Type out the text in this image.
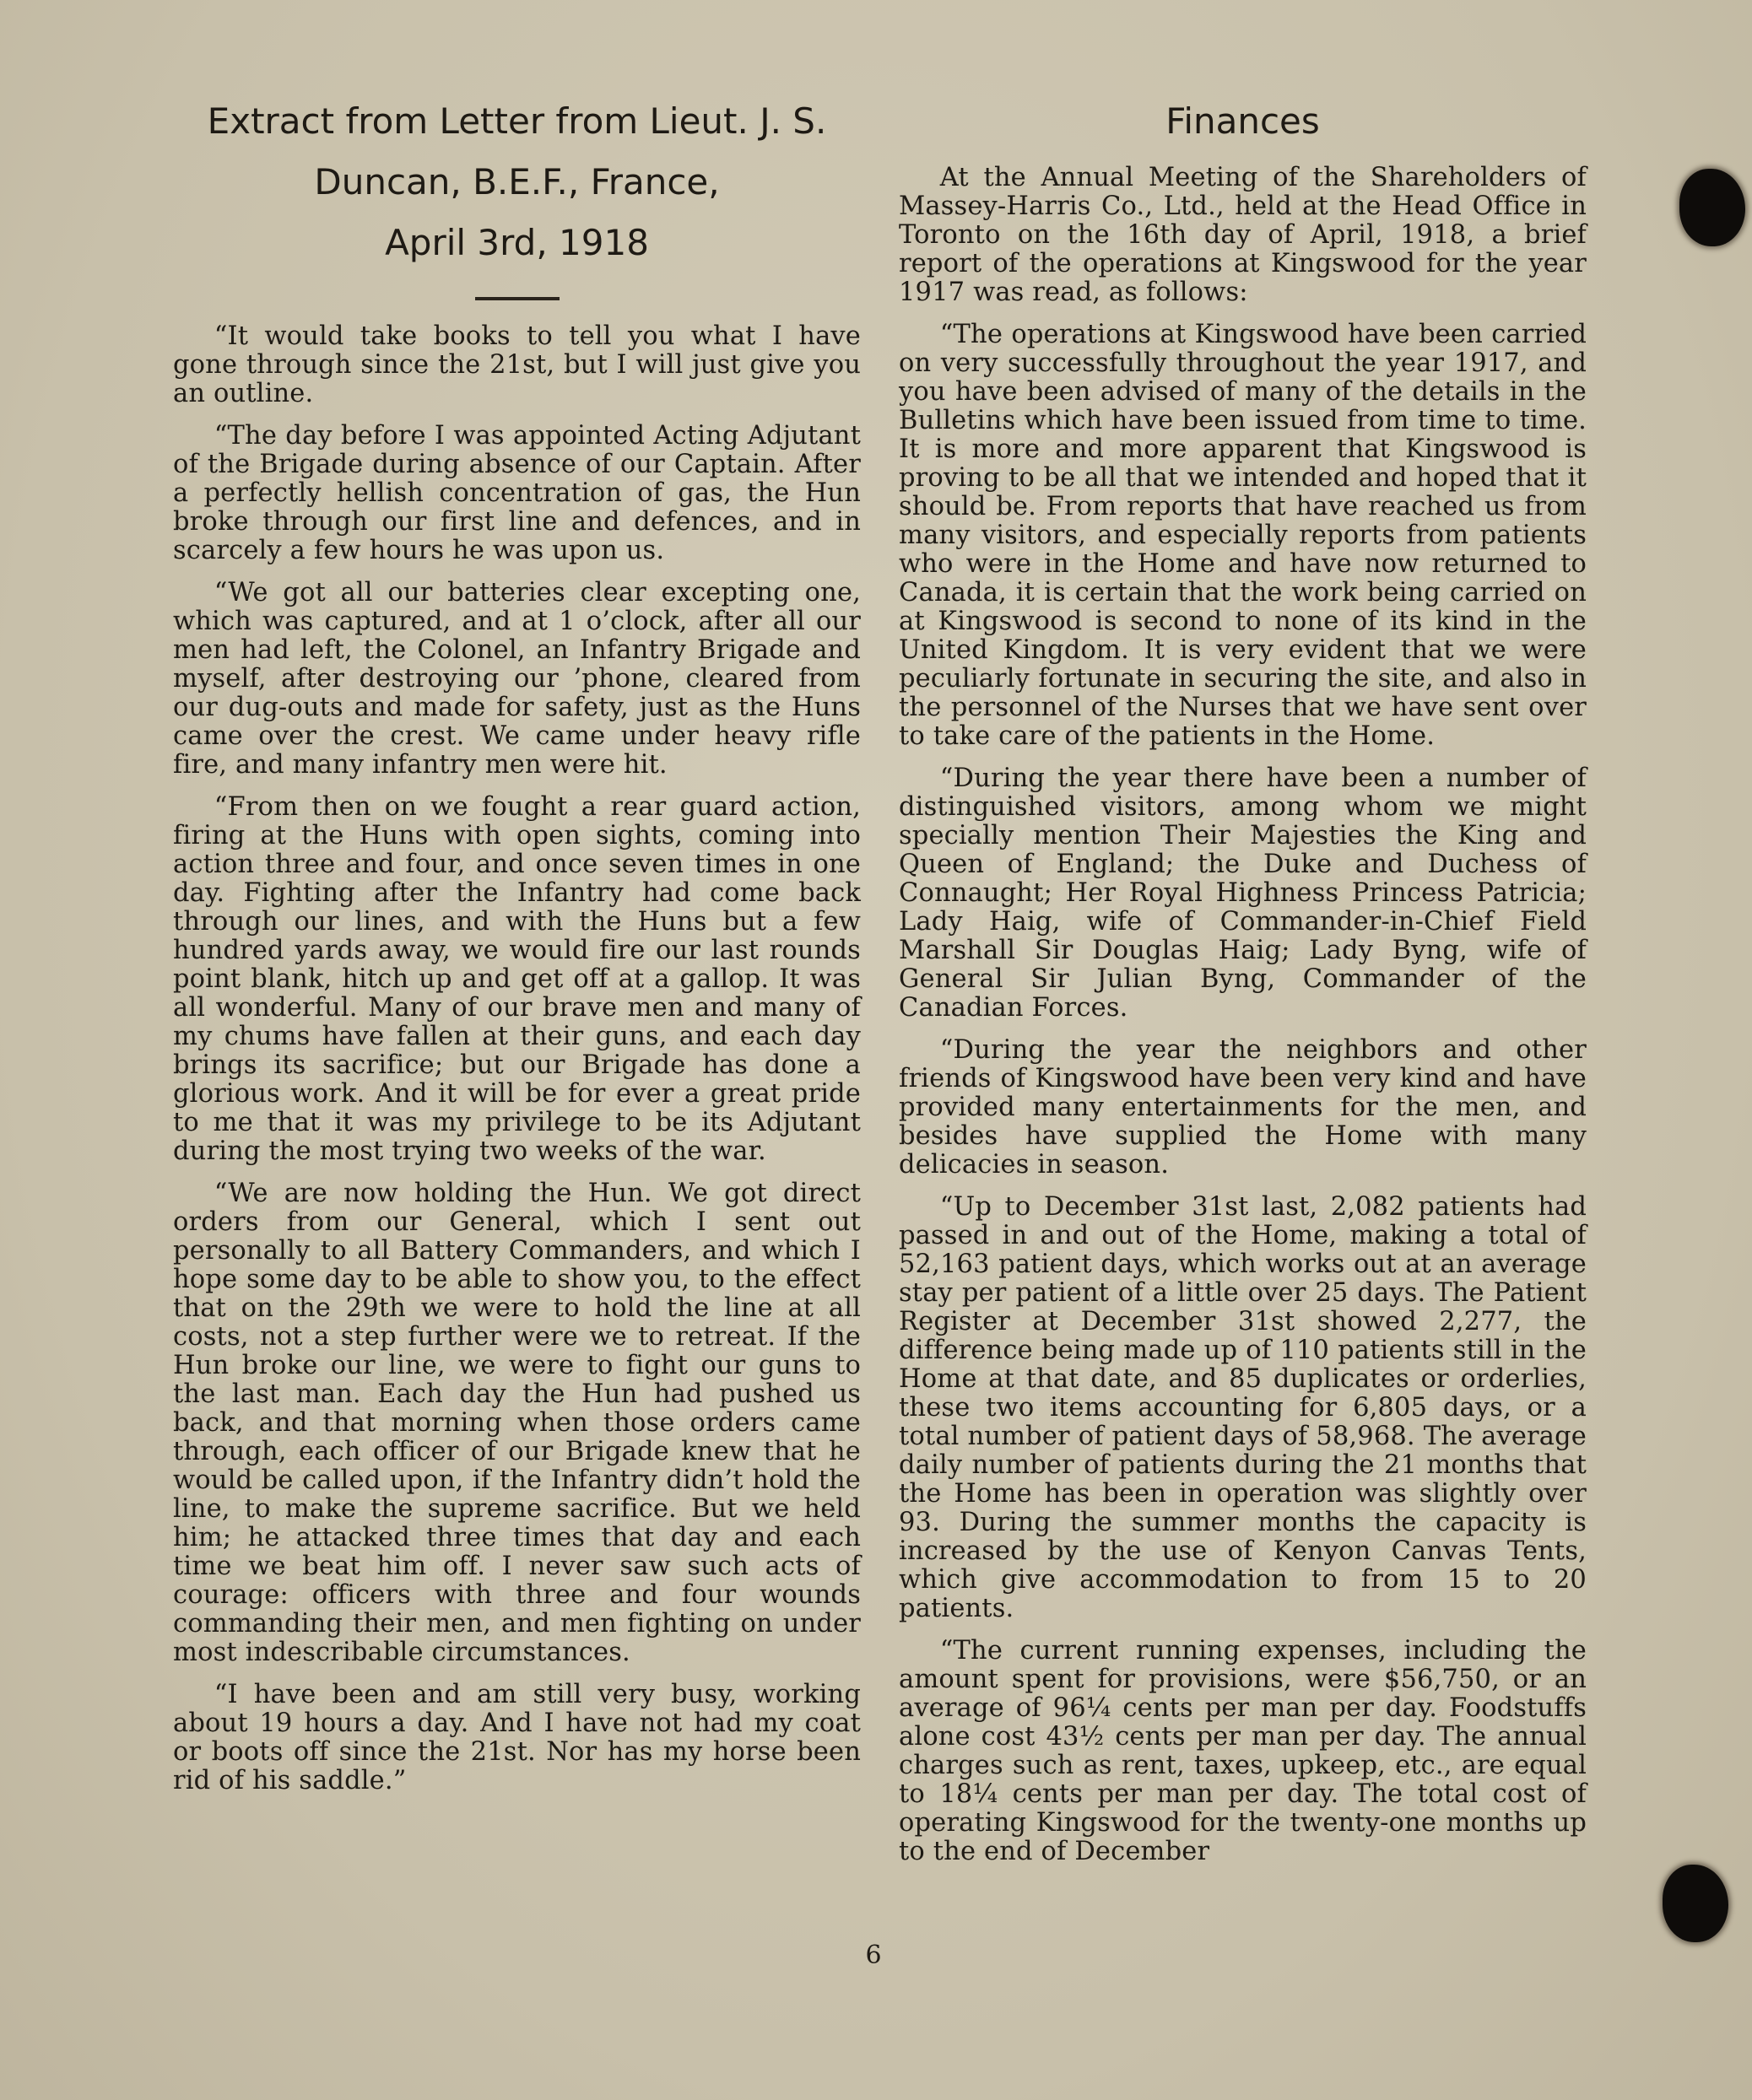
Extract from Letter from Lieut. J. S.
Duncan, B.E.F., France,
April 3rd, 1918

“It would take books to tell you what I have gone through since the 21st, but I will just give you an outline.

“The day before I was appointed Acting Adjutant of the Brigade during absence of our Captain. After a perfectly hellish concentration of gas, the Hun broke through our first line and defences, and in scarcely a few hours he was upon us.

“We got all our batteries clear excepting one, which was captured, and at 1 o’clock, after all our men had left, the Colonel, an Infantry Brigade and myself, after destroying our ’phone, cleared from our dug-outs and made for safety, just as the Huns came over the crest. We came under heavy rifle fire, and many infantry men were hit.

“From then on we fought a rear guard action, firing at the Huns with open sights, coming into action three and four, and once seven times in one day. Fighting after the Infantry had come back through our lines, and with the Huns but a few hundred yards away, we would fire our last rounds point blank, hitch up and get off at a gallop. It was all wonderful. Many of our brave men and many of my chums have fallen at their guns, and each day brings its sacrifice; but our Brigade has done a glorious work. And it will be for ever a great pride to me that it was my privilege to be its Adjutant during the most trying two weeks of the war.

“We are now holding the Hun. We got direct orders from our General, which I sent out personally to all Battery Commanders, and which I hope some day to be able to show you, to the effect that on the 29th we were to hold the line at all costs, not a step further were we to retreat. If the Hun broke our line, we were to fight our guns to the last man. Each day the Hun had pushed us back, and that morning when those orders came through, each officer of our Brigade knew that he would be called upon, if the Infantry didn’t hold the line, to make the supreme sacrifice. But we held him; he attacked three times that day and each time we beat him off. I never saw such acts of courage: officers with three and four wounds commanding their men, and men fighting on under most indescribable circumstances.

“I have been and am still very busy, working about 19 hours a day. And I have not had my coat or boots off since the 21st. Nor has my horse been rid of his saddle.”

Finances

At the Annual Meeting of the Shareholders of Massey-Harris Co., Ltd., held at the Head Office in Toronto on the 16th day of April, 1918, a brief report of the operations at Kingswood for the year 1917 was read, as follows:

“The operations at Kingswood have been carried on very successfully throughout the year 1917, and you have been advised of many of the details in the Bulletins which have been issued from time to time. It is more and more apparent that Kingswood is proving to be all that we intended and hoped that it should be. From reports that have reached us from many visitors, and especially reports from patients who were in the Home and have now returned to Canada, it is certain that the work being carried on at Kingswood is second to none of its kind in the United Kingdom. It is very evident that we were peculiarly fortunate in securing the site, and also in the personnel of the Nurses that we have sent over to take care of the patients in the Home.

“During the year there have been a number of distinguished visitors, among whom we might specially mention Their Majesties the King and Queen of England; the Duke and Duchess of Connaught; Her Royal Highness Princess Patricia; Lady Haig, wife of Commander-in-Chief Field Marshall Sir Douglas Haig; Lady Byng, wife of General Sir Julian Byng, Commander of the Canadian Forces.

“During the year the neighbors and other friends of Kingswood have been very kind and have provided many entertainments for the men, and besides have supplied the Home with many delicacies in season.

“Up to December 31st last, 2,082 patients had passed in and out of the Home, making a total of 52,163 patient days, which works out at an average stay per patient of a little over 25 days. The Patient Register at December 31st showed 2,277, the difference being made up of 110 patients still in the Home at that date, and 85 duplicates or orderlies, these two items accounting for 6,805 days, or a total number of patient days of 58,968. The average daily number of patients during the 21 months that the Home has been in operation was slightly over 93. During the summer months the capacity is increased by the use of Kenyon Canvas Tents, which give accommodation to from 15 to 20 patients.

“The current running expenses, including the amount spent for provisions, were $56,750, or an average of 96¼ cents per man per day. Foodstuffs alone cost 43½ cents per man per day. The annual charges such as rent, taxes, upkeep, etc., are equal to 18¼ cents per man per day. The total cost of operating Kingswood for the twenty-one months up to the end of December

6
